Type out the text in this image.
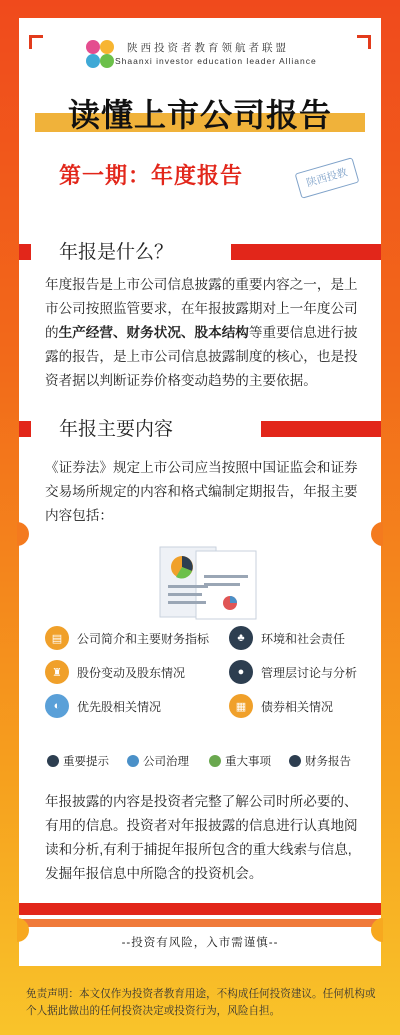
陕西投资者教育领航者联盟
Shaanxi investor education leader Alliance
读懂上市公司报告
第一期：年度报告	陕西投教
年报是什么？
年度报告是上市公司信息披露的重要内容之一，是上市公司按照监管要求，在年报披露期对上一年度公司的生产经营、财务状况、股本结构等重要信息进行披露的报告，是上市公司信息披露制度的核心，也是投资者据以判断证券价格变动趋势的主要依据。
年报主要内容
《证券法》规定上市公司应当按照中国证监会和证券交易场所规定的内容和格式编制定期报告，年报主要内容包括：
▤	公司简介和主要财务指标	♣	环境和社会责任
♜	股份变动及股东情况	●	管理层讨论与分析
◐	优先股相关情况	▦	债券相关情况
重要提示	公司治理	重大事项	财务报告
年报披露的内容是投资者完整了解公司时所必要的、有用的信息。投资者对年报披露的信息进行认真地阅读和分析,有利于捕捉年报所包含的重大线索与信息,发掘年报信息中所隐含的投资机会。
--投资有风险，入市需谨慎--
免责声明：本文仅作为投资者教育用途，不构成任何投资建议。任何机构或个人据此做出的任何投资决定或投资行为，风险自担。
